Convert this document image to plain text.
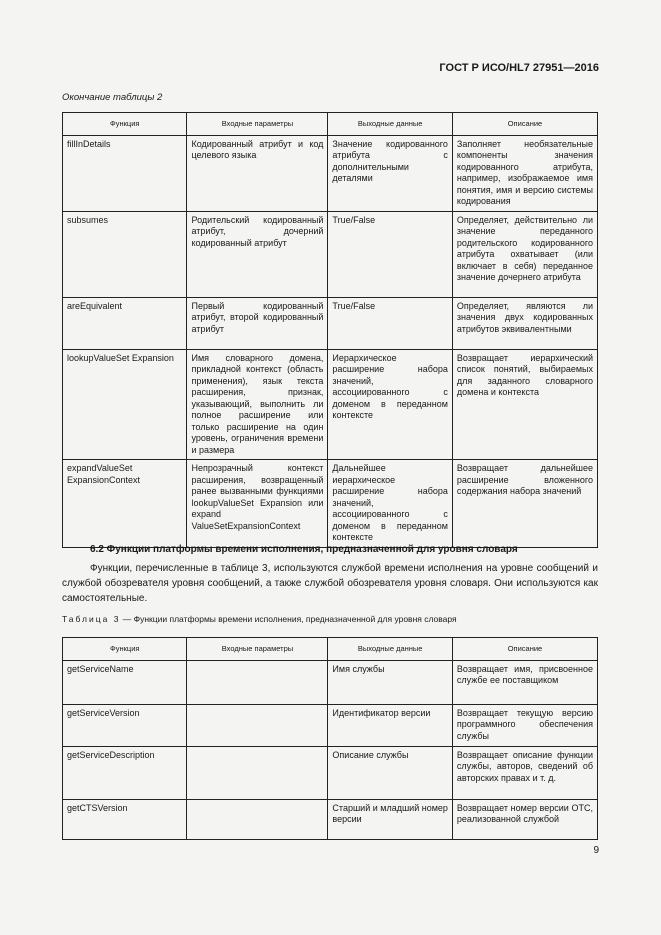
ГОСТ Р ИСО/HL7 27951—2016
Окончание таблицы 2
Функция	Входные параметры	Выходные данные	Описание
fillInDetails	Кодированный атрибут и код целевого языка	Значение кодированного атрибута с дополнительными деталями	Заполняет необязательные компоненты значения кодированного атрибута, например, изображаемое имя понятия, имя и версию системы кодирования
subsumes	Родительский кодированный атрибут, дочерний кодированный атрибут	True/False	Определяет, действительно ли значение переданного родительского кодированного атрибута охватывает (или включает в себя) переданное значение дочернего атрибута
areEquivalent	Первый кодированный атрибут, второй кодированный атрибут	True/False	Определяет, являются ли значения двух кодированных атрибутов эквивалентными
lookupValueSet Expansion	Имя словарного домена, прикладной контекст (область применения), язык текста расширения, признак, указывающий, выполнить ли полное расширение или только расширение на один уровень, ограничения времени и размера	Иерархическое расширение набора значений, ассоциированного с доменом в переданном контексте	Возвращает иерархический список понятий, выбираемых для заданного словарного домена и контекста
expandValueSet ExpansionContext	Непрозрачный контекст расширения, возвращенный ранее вызванными функциями lookupValueSet Expansion или expand ValueSetExpansionContext	Дальнейшее иерархическое расширение набора значений, ассоциированного с доменом в переданном контексте	Возвращает дальнейшее расширение вложенного содержания набора значений
6.2 Функции платформы времени исполнения, предназначенной для уровня словаря
Функции, перечисленные в таблице 3, используются службой времени исполнения на уровне сообщений и службой обозревателя уровня сообщений, а также службой обозревателя уровня словаря. Они используются как самостоятельные.
Таблица 3 — Функции платформы времени исполнения, предназначенной для уровня словаря
Функция	Входные параметры	Выходные данные	Описание
getServiceName		Имя службы	Возвращает имя, присвоенное службе ее поставщиком
getServiceVersion		Идентификатор версии	Возвращает текущую версию программного обеспечения службы
getServiceDescription		Описание службы	Возвращает описание функции службы, авторов, сведений об авторских правах и т. д.
getCTSVersion		Старший и младший номер версии	Возвращает номер версии ОТС, реализованной службой
9
